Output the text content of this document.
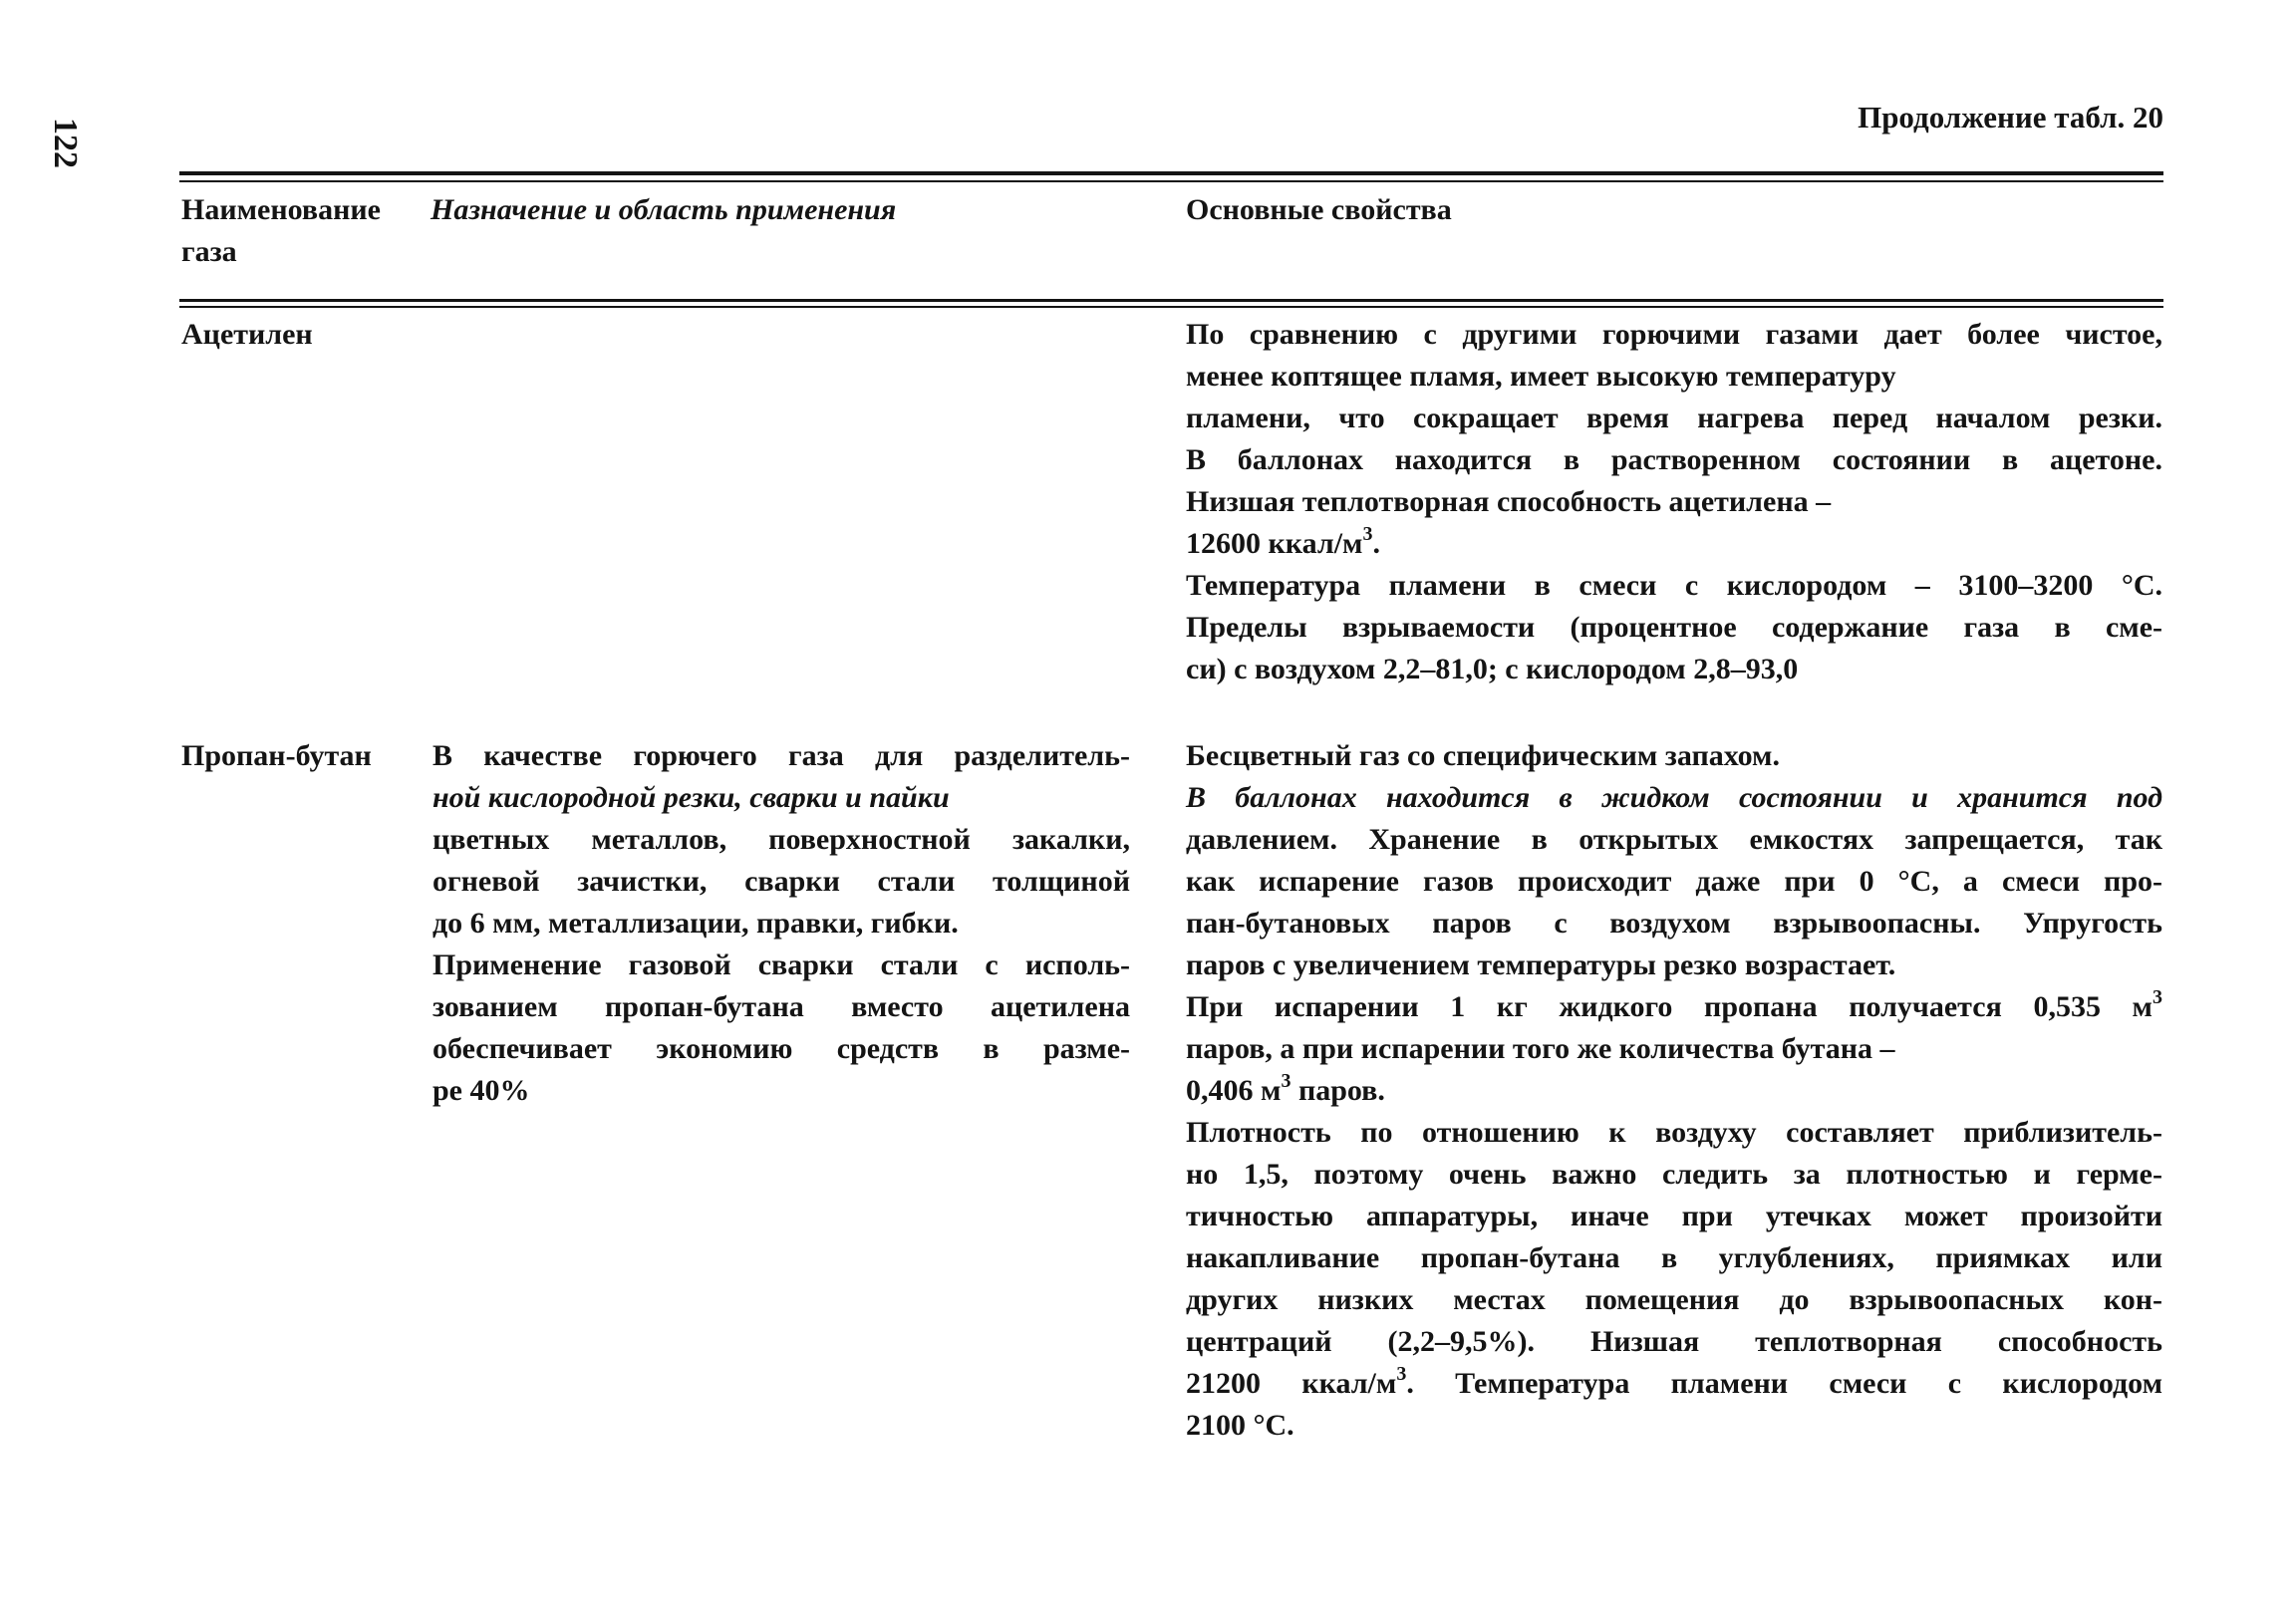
122
Продолжение табл. 20
Наименование газа
Назначение и область применения	Основные свойства
Ацетилен	По сравнению с другими горючими газами дает более чистое,
менее коптящее пламя, имеет высокую температуру
пламени, что сокращает время нагрева перед началом резки.
В баллонах находится в растворенном состоянии в ацетоне.
Низшая теплотворная способность ацетилена –
12600 ккал/$м^3$.
Температура пламени в смеси с кислородом – 3100–3200 °С.
Пределы взрываемости (процентное содержание газа в сме-
си) с воздухом 2,2–81,0; с кислородом 2,8–93,0
Пропан-бутан В качестве горючего газа для разделитель-
ной кислородной резки, сварки и пайки
цветных металлов, поверхностной закалки,
огневой зачистки, сварки стали толщиной
до 6 мм, металлизации, правки, гибки.
Применение газовой сварки стали с исполь-
зованием пропан-бутана вместо ацетилена
обеспечивает экономию средств в разме-
ре 40%
Бесцветный газ со специфическим запахом.
В баллонах находится в жидком состоянии и хранится под
давлением. Хранение в открытых емкостях запрещается, так
как испарение газов происходит даже при 0 °С, а смеси про-
пан-бутановых паров с воздухом взрывоопасны. Упругость
паров с увеличением температуры резко возрастает.
При испарении 1 кг жидкого пропана получается 0,535 $м^3$
паров, а при испарении того же количества бутана –
0,406 $м^3$ паров.
Плотность по отношению к воздуху составляет приблизитель-
но 1,5, поэтому очень важно следить за плотностью и герме-
тичностью аппаратуры, иначе при утечках может произойти
накапливание пропан-бутана в углублениях, приямках или
других низких местах помещения до взрывоопасных кон-
центраций (2,2–9,5%). Низшая теплотворная способность
21200 ккал/$м^3$. Температура пламени смеси с кислородом
2100 °С.
